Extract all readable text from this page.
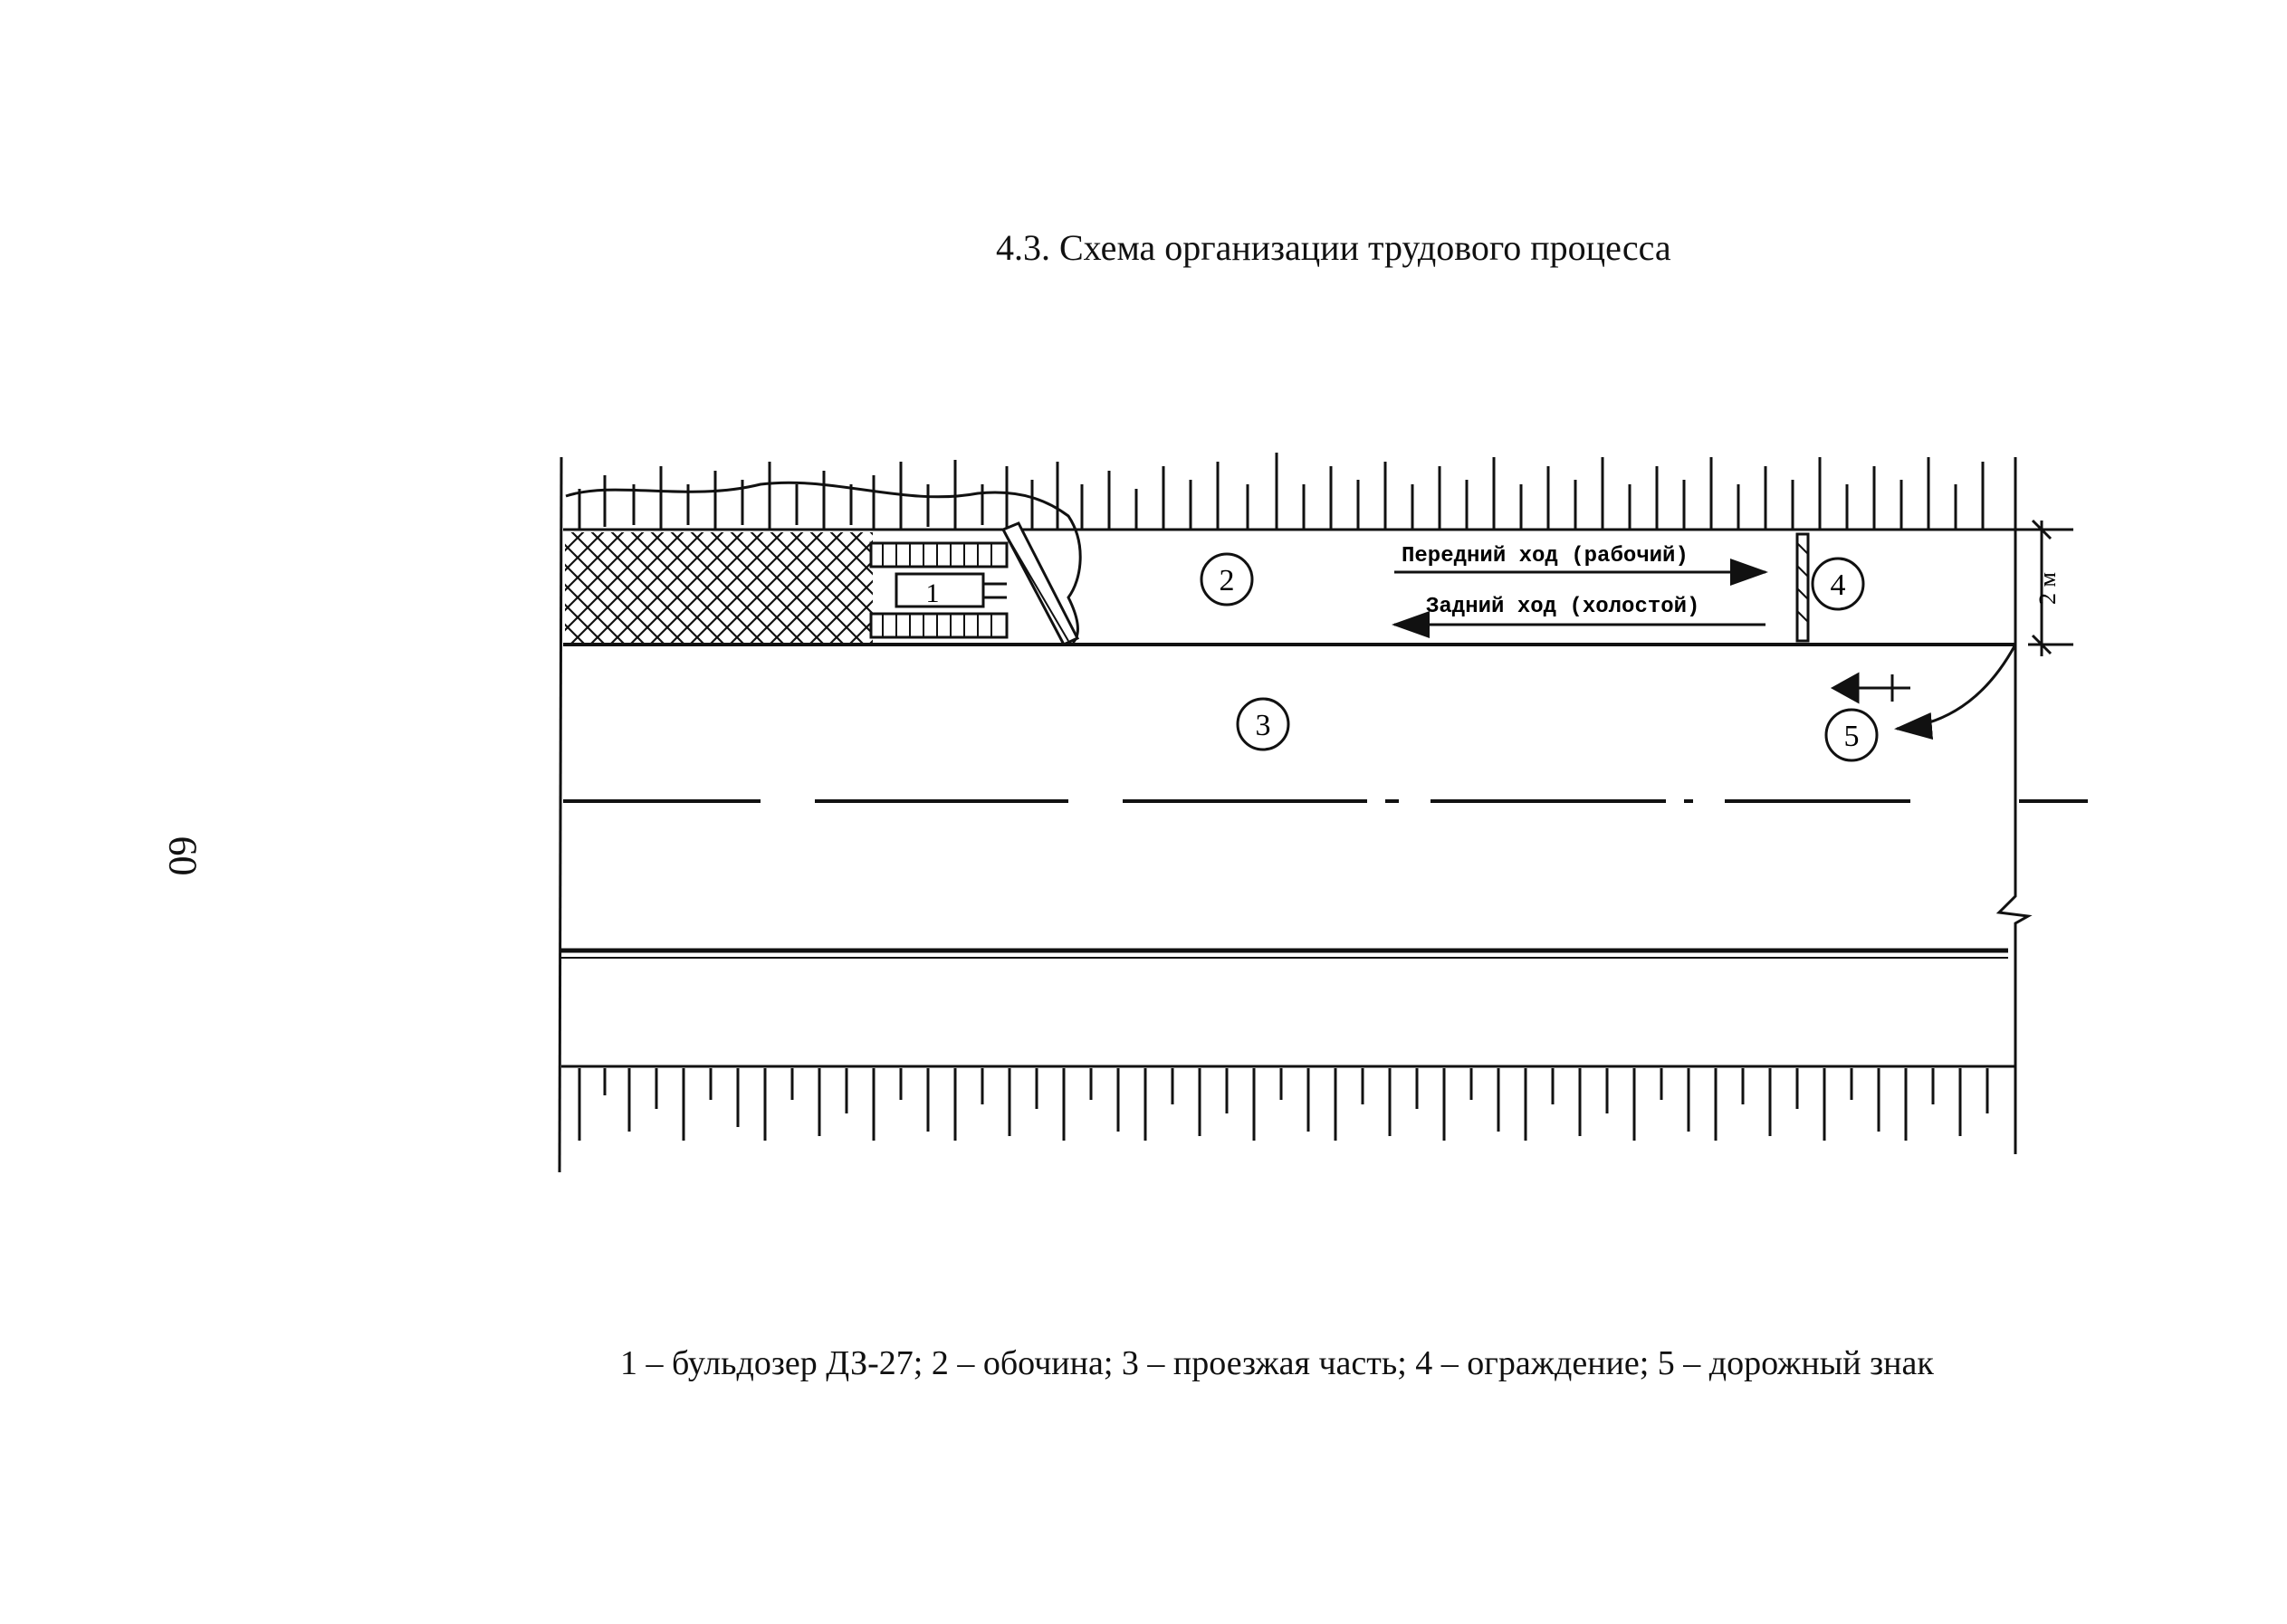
4.3. Схема организации трудового процесса
60
1	2
Передний ход (рабочий)
Задний ход (холостой)
4	2 м
3	5
1 – бульдозер ДЗ-27; 2 – обочина; 3 – проезжая часть; 4 – ограждение; 5 – дорожный знак
